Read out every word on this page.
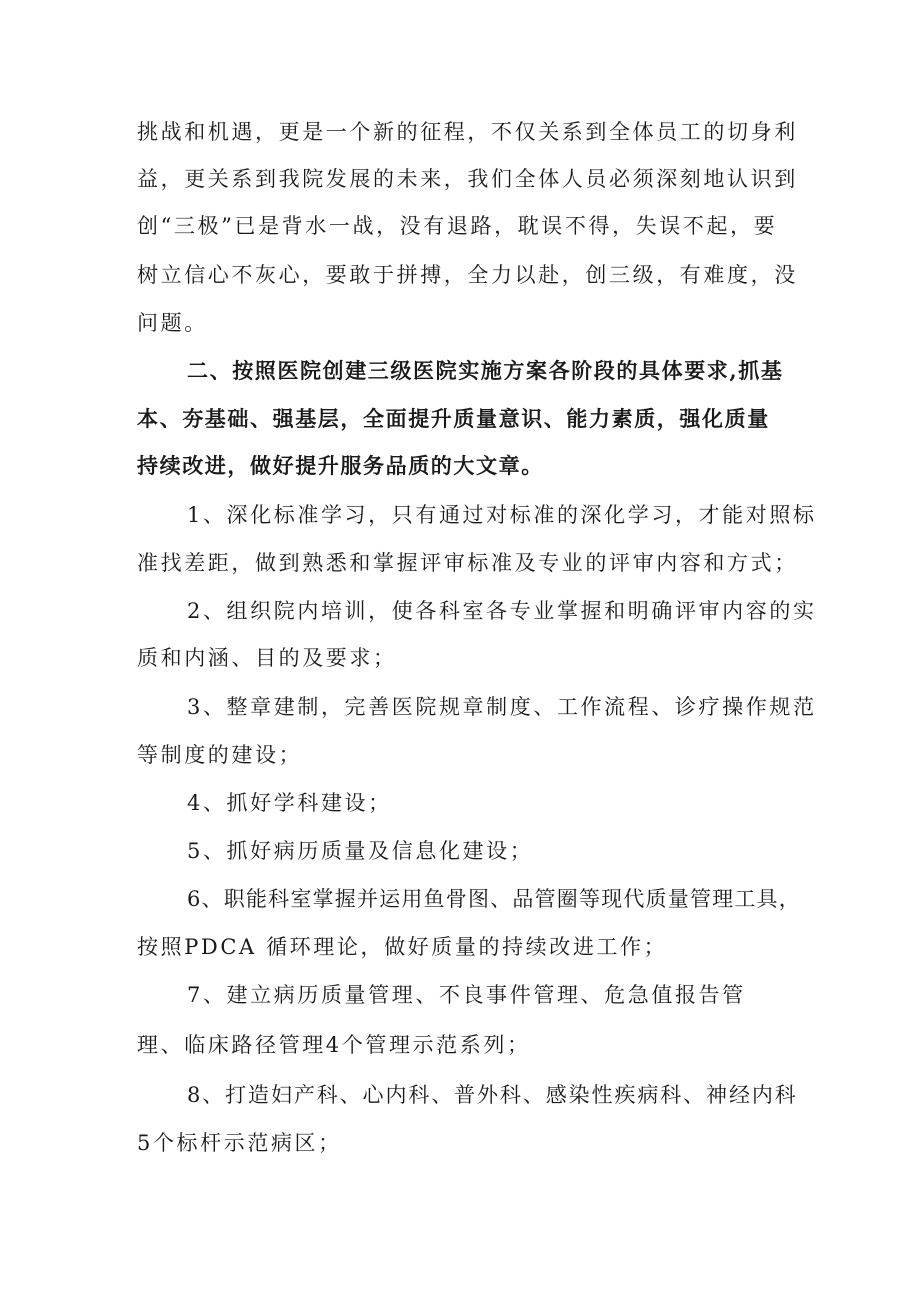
挑战和机遇，更是一个新的征程，不仅关系到全体员工的切身利
益，更关系到我院发展的未来，我们全体人员必须深刻地认识到
创“三极”已是背水一战，没有退路，耽误不得，失误不起，要
树立信心不灰心，要敢于拼搏，全力以赴，创三级，有难度，没
问题。
二、按照医院创建三级医院实施方案各阶段的具体要求,抓基
本、夯基础、强基层，全面提升质量意识、能力素质，强化质量
持续改进，做好提升服务品质的大文章。
1、深化标准学习，只有通过对标准的深化学习，才能对照标
准找差距，做到熟悉和掌握评审标准及专业的评审内容和方式；
2、组织院内培训，使各科室各专业掌握和明确评审内容的实
质和内涵、目的及要求；
3、整章建制，完善医院规章制度、工作流程、诊疗操作规范
等制度的建设；
4、抓好学科建设；
5、抓好病历质量及信息化建设；
6、职能科室掌握并运用鱼骨图、品管圈等现代质量管理工具，
按照PDCA 循环理论，做好质量的持续改进工作；
7、建立病历质量管理、不良事件管理、危急值报告管
理、临床路径管理4个管理示范系列；
8、打造妇产科、心内科、普外科、感染性疾病科、神经内科
5个标杆示范病区；
